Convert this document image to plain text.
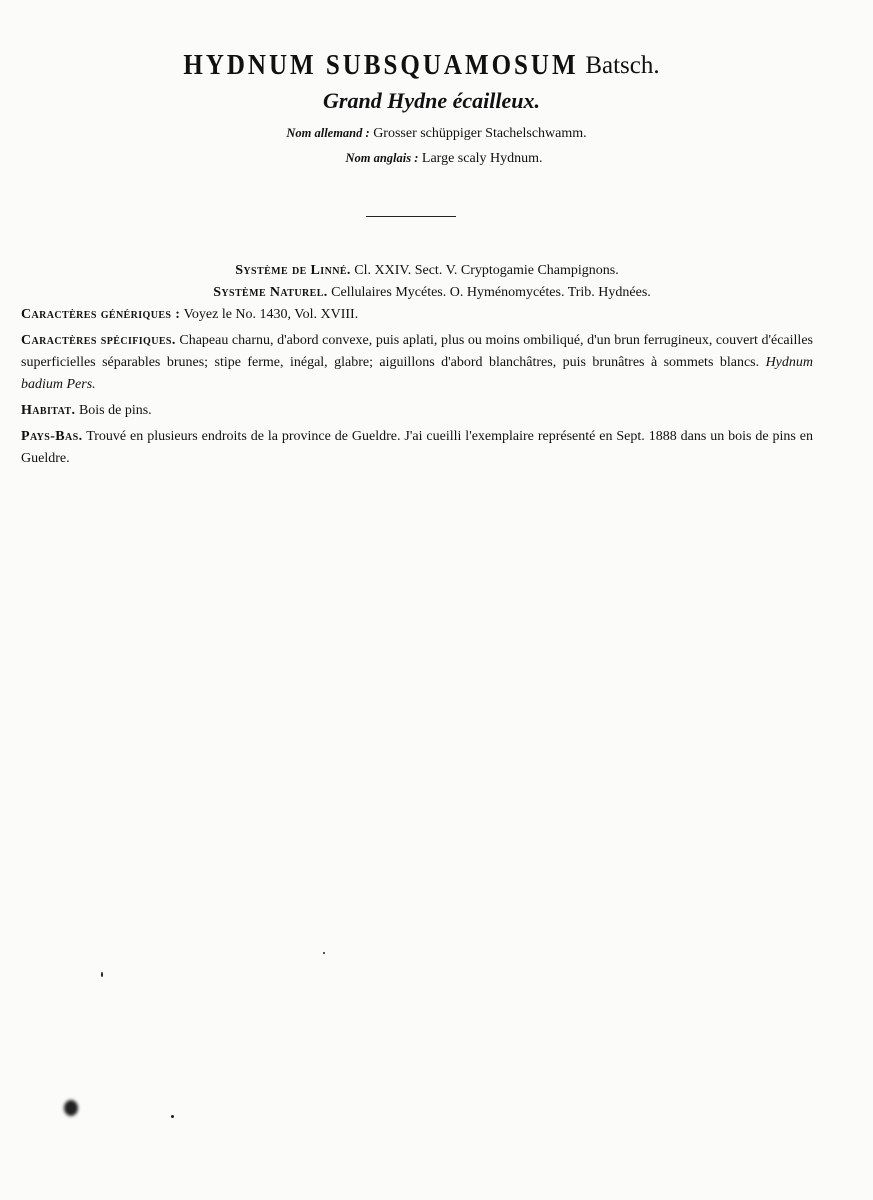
HYDNUM SUBSQUAMOSUM Batsch.
Grand Hydne écailleux.
Nom allemand : Grosser schüppiger Stachelschwamm.
Nom anglais : Large scaly Hydnum.
Système de Linné. Cl. XXIV. Sect. V. Cryptogamie Champignons.
Système Naturel. Cellulaires Mycétes. O. Hyménomycétes. Trib. Hydnées.

Caractères génériques : Voyez le No. 1430, Vol. XVIII.

Caractères spécifiques. Chapeau charnu, d'abord convexe, puis aplati, plus ou moins ombiliqué, d'un brun ferrugineux, couvert d'écailles superficielles séparables brunes; stipe ferme, inégal, glabre; aiguillons d'abord blanchâtres, puis brunâtres à sommets blancs. Hydnum badium Pers.

Habitat. Bois de pins.

Pays-Bas. Trouvé en plusieurs endroits de la province de Gueldre. J'ai cueilli l'exemplaire représenté en Sept. 1888 dans un bois de pins en Gueldre.
